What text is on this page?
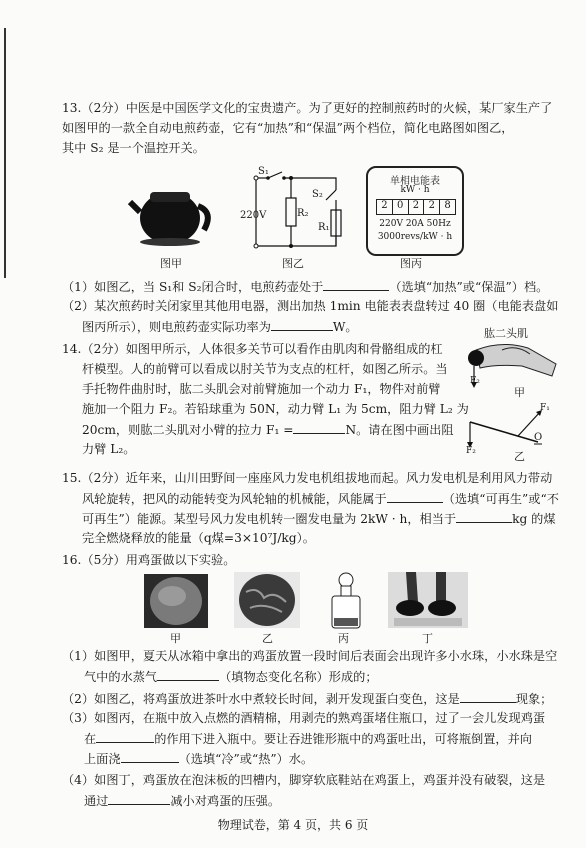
13.（2分）中医是中国医学文化的宝贵遗产。为了更好的控制煎药时的火候，某厂家生产了
如图甲的一款全自动电煎药壶，它有“加热”和“保温”两个档位，简化电路图如图乙，
其中 S₂ 是一个温控开关。
图甲
S₁
S₂
220V	R₂
R₁
图乙
单相电能表
kW · h
2 0 2 2 8
220V 20A 50Hz
3000revs/kW · h
图丙
（1）如图乙，当 S₁和 S₂闭合时，电煎药壶处于	（选填“加热”或“保温”）档。
（2）某次煎药时关闭家里其他用电器，测出加热 1min 电能表表盘转过 40 圈（电能表盘如
图丙所示），则电煎药壶实际功率为	W。
14.（2分）如图甲所示，人体很多关节可以看作由肌肉和骨骼组成的杠
杆模型。人的前臂可以看成以肘关节为支点的杠杆，如图乙所示。当
手托物件曲肘时，肱二头肌会对前臂施加一个动力 F₁，物件对前臂
施加一个阻力 F₂。若铅球重为 50N，动力臂 L₁ 为 5cm，阻力臂 L₂ 为
20cm，则肱二头肌对小臂的拉力 F₁ =	N。请在图中画出阻
力臂 L₂。
肱二头肌
F₂
甲
F₁
O
F₂	乙
15.（2分）近年来，山川田野间一座座风力发电机组拔地而起。风力发电机是利用风力带动
风轮旋转，把风的动能转变为风轮轴的机械能，风能属于	（选填“可再生”或“不
可再生”）能源。某型号风力发电机转一圈发电量为 2kW · h，相当于	kg 的煤
完全燃烧释放的能量（q煤=3×10⁷J/kg）。
16.（5分）用鸡蛋做以下实验。
甲	乙	丙	丁
（1）如图甲，夏天从冰箱中拿出的鸡蛋放置一段时间后表面会出现许多小水珠，小水珠是空
气中的水蒸气	（填物态变化名称）形成的；
（2）如图乙，将鸡蛋放进茶叶水中煮较长时间，剥开发现蛋白变色，这是	现象；
（3）如图丙，在瓶中放入点燃的酒精棉，用剥壳的熟鸡蛋堵住瓶口，过了一会儿发现鸡蛋
在	的作用下进入瓶中。要让吞进锥形瓶中的鸡蛋吐出，可将瓶倒置，并向
上面浇	（选填“冷”或“热”）水。
（4）如图丁，鸡蛋放在泡沫板的凹槽内，脚穿软底鞋站在鸡蛋上，鸡蛋并没有破裂，这是
通过	减小对鸡蛋的压强。
物理试卷，第 4 页，共 6 页
